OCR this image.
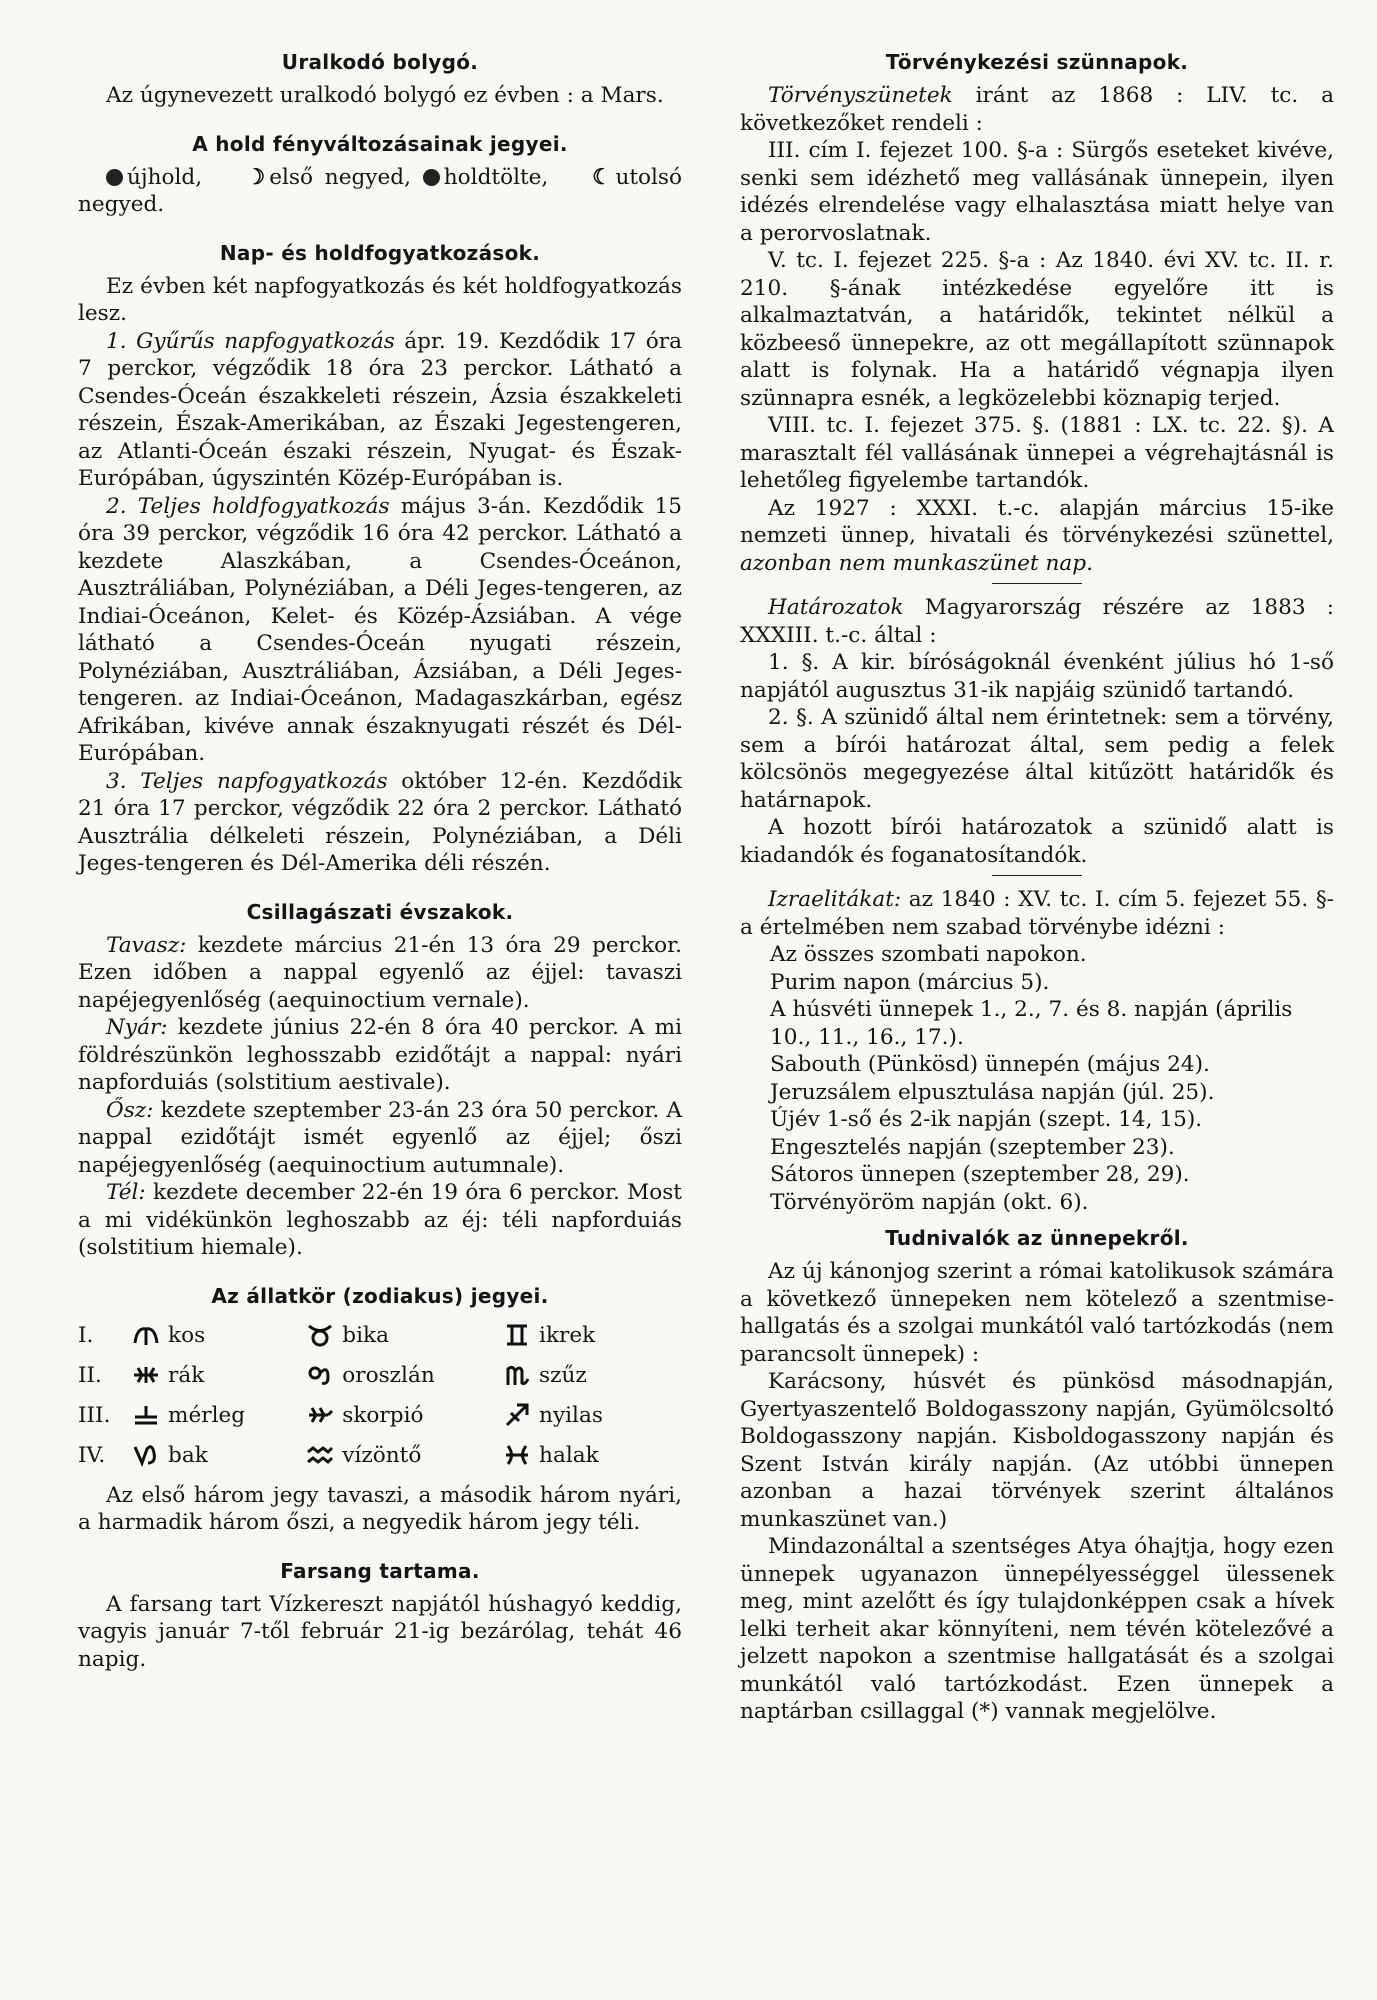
Uralkodó bolygó.

Az úgynevezett uralkodó bolygó ez évben : a Mars.

A hold fényváltozásainak jegyei.

újhold, ☽ első negyed, holdtölte, ☾ utolsó negyed.

Nap- és holdfogyatkozások.

Ez évben két napfogyatkozás és két holdfogyatkozás lesz.

1. Gyűrűs napfogyatkozás ápr. 19. Kezdődik 17 óra 7 perckor, végződik 18 óra 23 perckor. Látható a Csendes-Óceán északkeleti részein, Ázsia északkeleti részein, Észak-Amerikában, az Északi Jegestengeren, az Atlanti-Óceán északi részein, Nyugat- és Észak-Európában, úgyszintén Közép-Európában is.

2. Teljes holdfogyatkozás május 3-án. Kezdődik 15 óra 39 perckor, végződik 16 óra 42 perckor. Látható a kezdete Alaszkában, a Csendes-Óceánon, Ausztráliában, Polynéziában, a Déli Jeges-tengeren, az Indiai-Óceánon, Kelet- és Közép-Ázsiában. A vége látható a Csendes-Óceán nyugati részein, Polynéziában, Ausztráliában, Ázsiában, a Déli Jeges-tengeren. az Indiai-Óceánon, Madagaszkárban, egész Afrikában, kivéve annak északnyugati részét és Dél-Európában.

3. Teljes napfogyatkozás október 12-én. Kezdődik 21 óra 17 perckor, végződik 22 óra 2 perckor. Látható Ausztrália délkeleti részein, Polynéziában, a Déli Jeges-tengeren és Dél-Amerika déli részén.

Csillagászati évszakok.

Tavasz: kezdete március 21-én 13 óra 29 perckor. Ezen időben a nappal egyenlő az éjjel: tavaszi napéjegyenlőség (aequinoctium vernale).

Nyár: kezdete június 22-én 8 óra 40 perckor. A mi földrészünkön leghosszabb ezidőtájt a nappal: nyári napforduiás (solstitium aestivale).

Ősz: kezdete szeptember 23-án 23 óra 50 perckor. A nappal ezidőtájt ismét egyenlő az éjjel; őszi napéjegyenlőség (aequinoctium autumnale).

Tél: kezdete december 22-én 19 óra 6 perckor. Most a mi vidékünkön leghoszabb az éj: téli napforduiás (solstitium hiemale).

Az állatkör (zodiakus) jegyei.
I.	kos	bika	ikrek
II.	rák	oroszlán	szűz
III.	mérleg	skorpió	nyilas
IV.	bak	vízöntő	halak

Az első három jegy tavaszi, a második három nyári, a harmadik három őszi, a negyedik három jegy téli.

Farsang tartama.

A farsang tart Vízkereszt napjától húshagyó keddig, vagyis január 7-től február 21-ig bezárólag, tehát 46 napig.

Törvénykezési szünnapok.

Törvényszünetek iránt az 1868 : LIV. tc. a következőket rendeli :

III. cím I. fejezet 100. §-a : Sürgős eseteket kivéve, senki sem idézhető meg vallásának ünnepein, ilyen idézés elrendelése vagy elhalasztása miatt helye van a perorvoslatnak.

V. tc. I. fejezet 225. §-a : Az 1840. évi XV. tc. II. r. 210. §-ának intézkedése egyelőre itt is alkalmaztatván, a határidők, tekintet nélkül a közbeeső ünnepekre, az ott megállapított szünnapok alatt is folynak. Ha a határidő végnapja ilyen szünnapra esnék, a legközelebbi köznapig terjed.

VIII. tc. I. fejezet 375. §. (1881 : LX. tc. 22. §). A marasztalt fél vallásának ünnepei a végrehajtásnál is lehetőleg figyelembe tartandók.

Az 1927 : XXXI. t.-c. alapján március 15-ike nemzeti ünnep, hivatali és törvénykezési szünettel, azonban nem munkaszünet nap.

Határozatok Magyarország részére az 1883 : XXXIII. t.-c. által :

1. §. A kir. bíróságoknál évenként július hó 1-ső napjától augusztus 31-ik napjáig szünidő tartandó.

2. §. A szünidő által nem érintetnek: sem a törvény, sem a bírói határozat által, sem pedig a felek kölcsönös megegyezése által kitűzött határidők és határnapok.

A hozott bírói határozatok a szünidő alatt is kiadandók és foganatosítandók.

Izraelitákat: az 1840 : XV. tc. I. cím 5. fejezet 55. §-a értelmében nem szabad törvénybe idézni :

Az összes szombati napokon.

Purim napon (március 5).

A húsvéti ünnepek 1., 2., 7. és 8. napján (április 10., 11., 16., 17.).

Sabouth (Pünkösd) ünnepén (május 24).

Jeruzsálem elpusztulása napján (júl. 25).

Újév 1-ső és 2-ik napján (szept. 14, 15).

Engesztelés napján (szeptember 23).

Sátoros ünnepen (szeptember 28, 29).

Törvényöröm napján (okt. 6).

Tudnivalók az ünnepekről.

Az új kánonjog szerint a római katolikusok számára a következő ünnepeken nem kötelező a szentmise-hallgatás és a szolgai munkától való tartózkodás (nem parancsolt ünnepek) :

Karácsony, húsvét és pünkösd másodnapján, Gyertyaszentelő Boldogasszony napján, Gyümölcsoltó Boldogasszony napján. Kisboldogasszony napján és Szent István király napján. (Az utóbbi ünnepen azonban a hazai törvények szerint általános munkaszünet van.)

Mindazonáltal a szentséges Atya óhajtja, hogy ezen ünnepek ugyanazon ünnepélyességgel ülessenek meg, mint azelőtt és így tulajdonképpen csak a hívek lelki terheit akar könnyíteni, nem tévén kötelezővé a jelzett napokon a szentmise hallgatását és a szolgai munkától való tartózkodást. Ezen ünnepek a naptárban csillaggal (*) vannak megjelölve.
